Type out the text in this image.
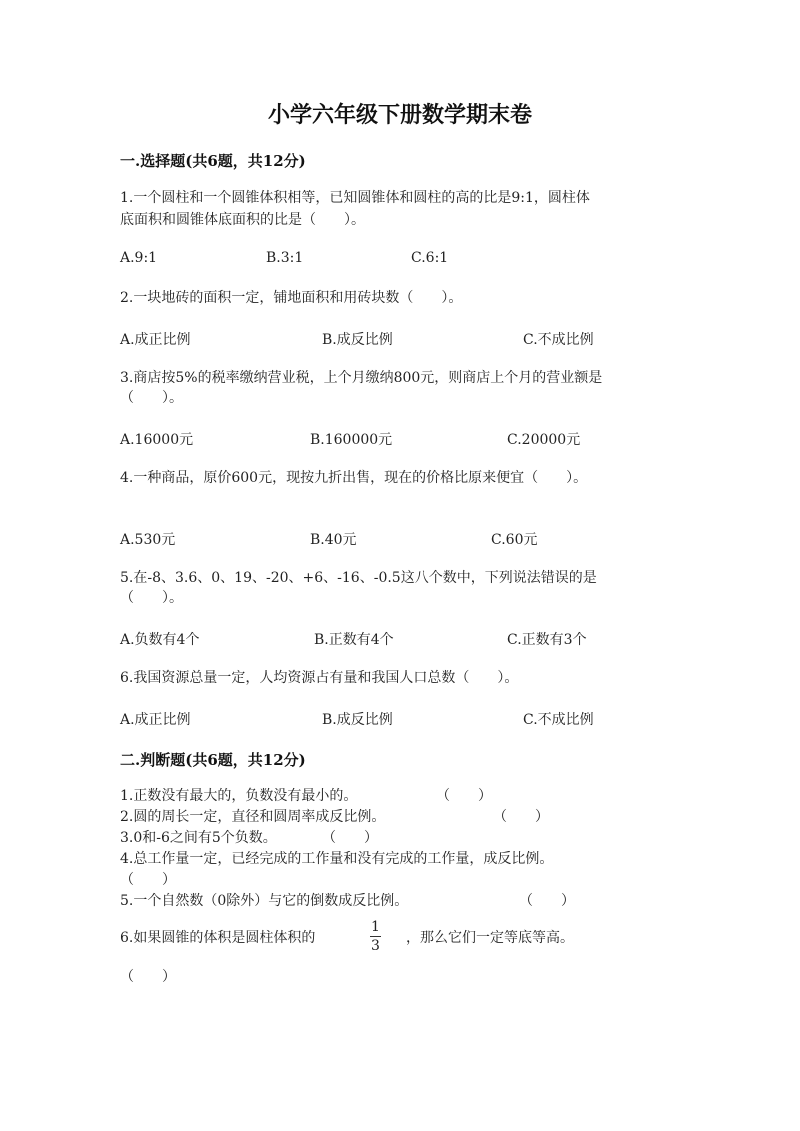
小学六年级下册数学期末卷
一.选择题(共6题，共12分)
1.一个圆柱和一个圆锥体积相等，已知圆锥体和圆柱的高的比是9:1，圆柱体
底面积和圆锥体底面积的比是（　　）。
A.9:1	B.3:1	C.6:1
2.一块地砖的面积一定，铺地面积和用砖块数（　　）。
A.成正比例	B.成反比例	C.不成比例
3.商店按5%的税率缴纳营业税，上个月缴纳800元，则商店上个月的营业额是
（　　）。
A.16000元	B.160000元	C.20000元
4.一种商品，原价600元，现按九折出售，现在的价格比原来便宜（　　）。
A.530元	B.40元	C.60元
5.在-8、3.6、0、19、-20、+6、-16、-0.5这八个数中，下列说法错误的是
（　　）。
A.负数有4个	B.正数有4个	C.正数有3个
6.我国资源总量一定，人均资源占有量和我国人口总数（　　）。
A.成正比例	B.成反比例	C.不成比例
二.判断题(共6题，共12分)
1.正数没有最大的，负数没有最小的。	（　　）
2.圆的周长一定，直径和圆周率成反比例。	（　　）
3.0和-6之间有5个负数。	（　　）
4.总工作量一定，已经完成的工作量和没有完成的工作量，成反比例。
（　　）
5.一个自然数（0除外）与它的倒数成反比例。	（　　）
6.如果圆锥的体积是圆柱体积的	$\frac{1}{3}$ ，那么它们一定等底等高。
（　　）
